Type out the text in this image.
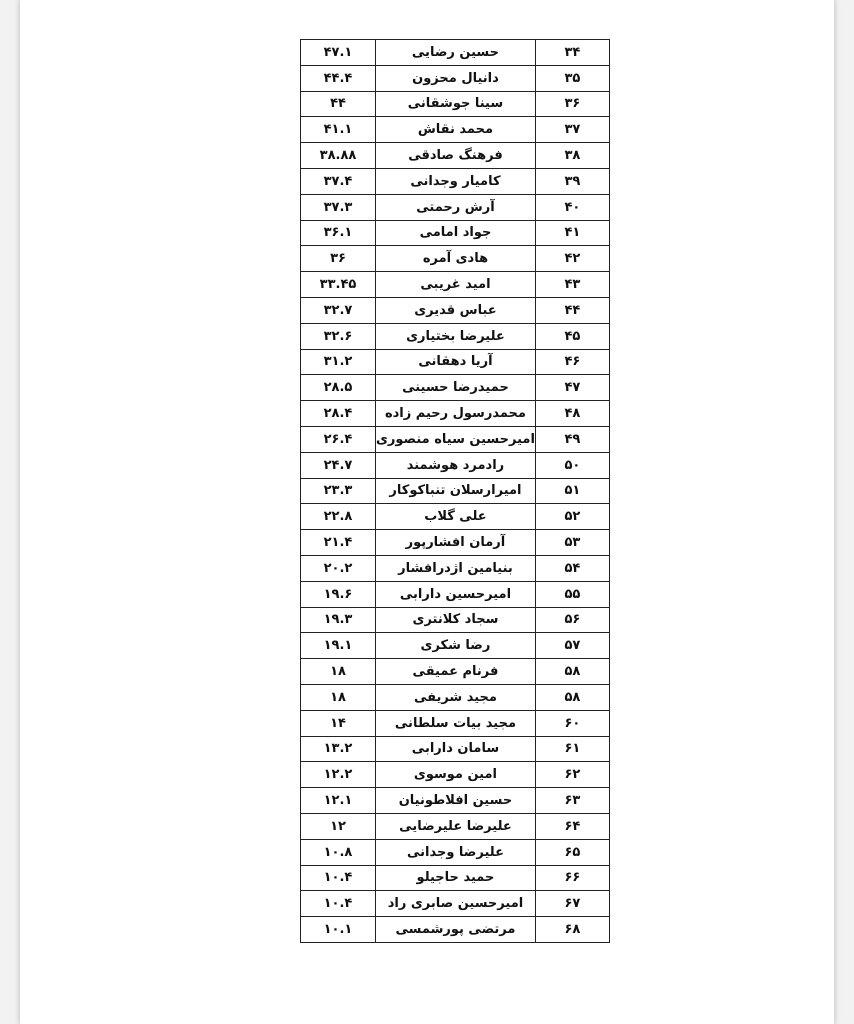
۳۴	حسین رضایی	۴۷.۱
۳۵	دانیال محزون	۴۴.۴
۳۶	سینا جوشقانی	۴۴
۳۷	محمد نقاش	۴۱.۱
۳۸	فرهنگ صادقی	۳۸.۸۸
۳۹	کامیار وجدانی	۳۷.۴
۴۰	آرش رحمتی	۳۷.۳
۴۱	جواد امامی	۳۶.۱
۴۲	هادی آمره	۳۶
۴۳	امید غریبی	۳۳.۴۵
۴۴	عباس قدیری	۳۲.۷
۴۵	علیرضا بختیاری	۳۲.۶
۴۶	آریا دهقانی	۳۱.۲
۴۷	حمیدرضا حسینی	۲۸.۵
۴۸	محمدرسول رحیم زاده	۲۸.۴
۴۹	امیرحسین سیاه منصوری	۲۶.۴
۵۰	رادمرد هوشمند	۲۴.۷
۵۱	امیرارسلان تنباکوکار	۲۳.۳
۵۲	علی گلاب	۲۲.۸
۵۳	آرمان افشارپور	۲۱.۴
۵۴	بنیامین اژدرافشار	۲۰.۲
۵۵	امیرحسین دارابی	۱۹.۶
۵۶	سجاد کلانتری	۱۹.۳
۵۷	رضا شکری	۱۹.۱
۵۸	فرنام عمیقی	۱۸
۵۸	مجید شریفی	۱۸
۶۰	مجید بیات سلطانی	۱۴
۶۱	سامان دارابی	۱۳.۲
۶۲	امین موسوی	۱۲.۲
۶۳	حسین افلاطونیان	۱۲.۱
۶۴	علیرضا علیرضایی	۱۲
۶۵	علیرضا وجدانی	۱۰.۸
۶۶	حمید حاجیلو	۱۰.۴
۶۷	امیرحسین صابری راد	۱۰.۴
۶۸	مرتضی پورشمسی	۱۰.۱
